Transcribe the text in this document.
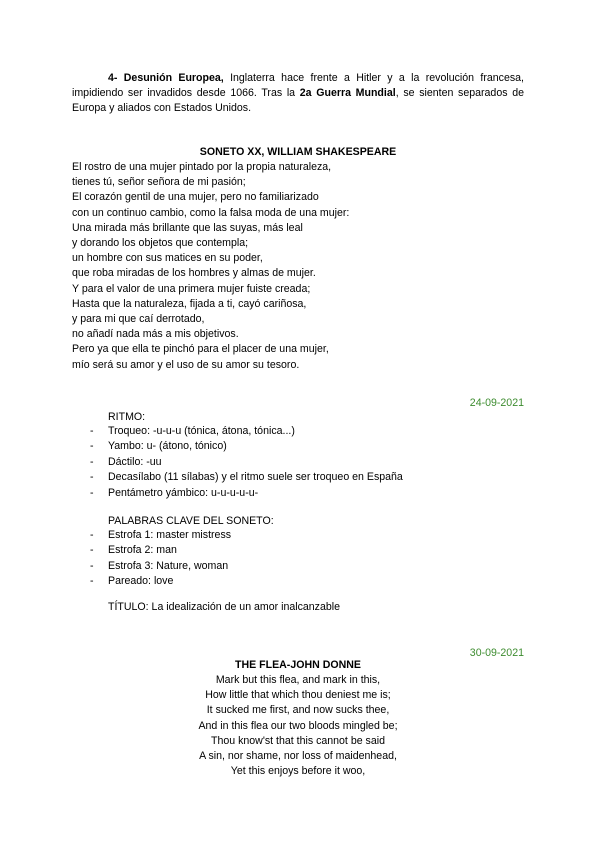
4- Desunión Europea, Inglaterra hace frente a Hitler y a la revolución francesa, impidiendo ser invadidos desde 1066. Tras la 2a Guerra Mundial, se sienten separados de Europa y aliados con Estados Unidos.
SONETO XX, WILLIAM SHAKESPEARE
El rostro de una mujer pintado por la propia naturaleza,
tienes tú, señor señora de mi pasión;
El corazón gentil de una mujer, pero no familiarizado
con un continuo cambio, como la falsa moda de una mujer:
Una mirada más brillante que las suyas, más leal
y dorando los objetos que contempla;
un hombre con sus matices en su poder,
que roba miradas de los hombres y almas de mujer.
Y para el valor de una primera mujer fuiste creada;
Hasta que la naturaleza, fijada a ti, cayó cariñosa,
y para mi que caí derrotado,
no añadí nada más a mis objetivos.
Pero ya que ella te pinchó para el placer de una mujer,
mío será su amor y el uso de su amor su tesoro.
24-09-2021
RITMO:
-	Troqueo: -u-u-u (tónica, átona, tónica...)
-	Yambo: u- (átono, tónico)
-	Dáctilo: -uu
-	Decasílabo (11 sílabas) y el ritmo suele ser troqueo en España
-	Pentámetro yámbico: u-u-u-u-u-
PALABRAS CLAVE DEL SONETO:
-	Estrofa 1: master mistress
-	Estrofa 2: man
-	Estrofa 3: Nature, woman
-	Pareado: love
TÍTULO: La idealización de un amor inalcanzable
30-09-2021
THE FLEA-JOHN DONNE
Mark but this flea, and mark in this,
How little that which thou deniest me is;
It sucked me first, and now sucks thee,
And in this flea our two bloods mingled be;
Thou know'st that this cannot be said
A sin, nor shame, nor loss of maidenhead,
Yet this enjoys before it woo,
